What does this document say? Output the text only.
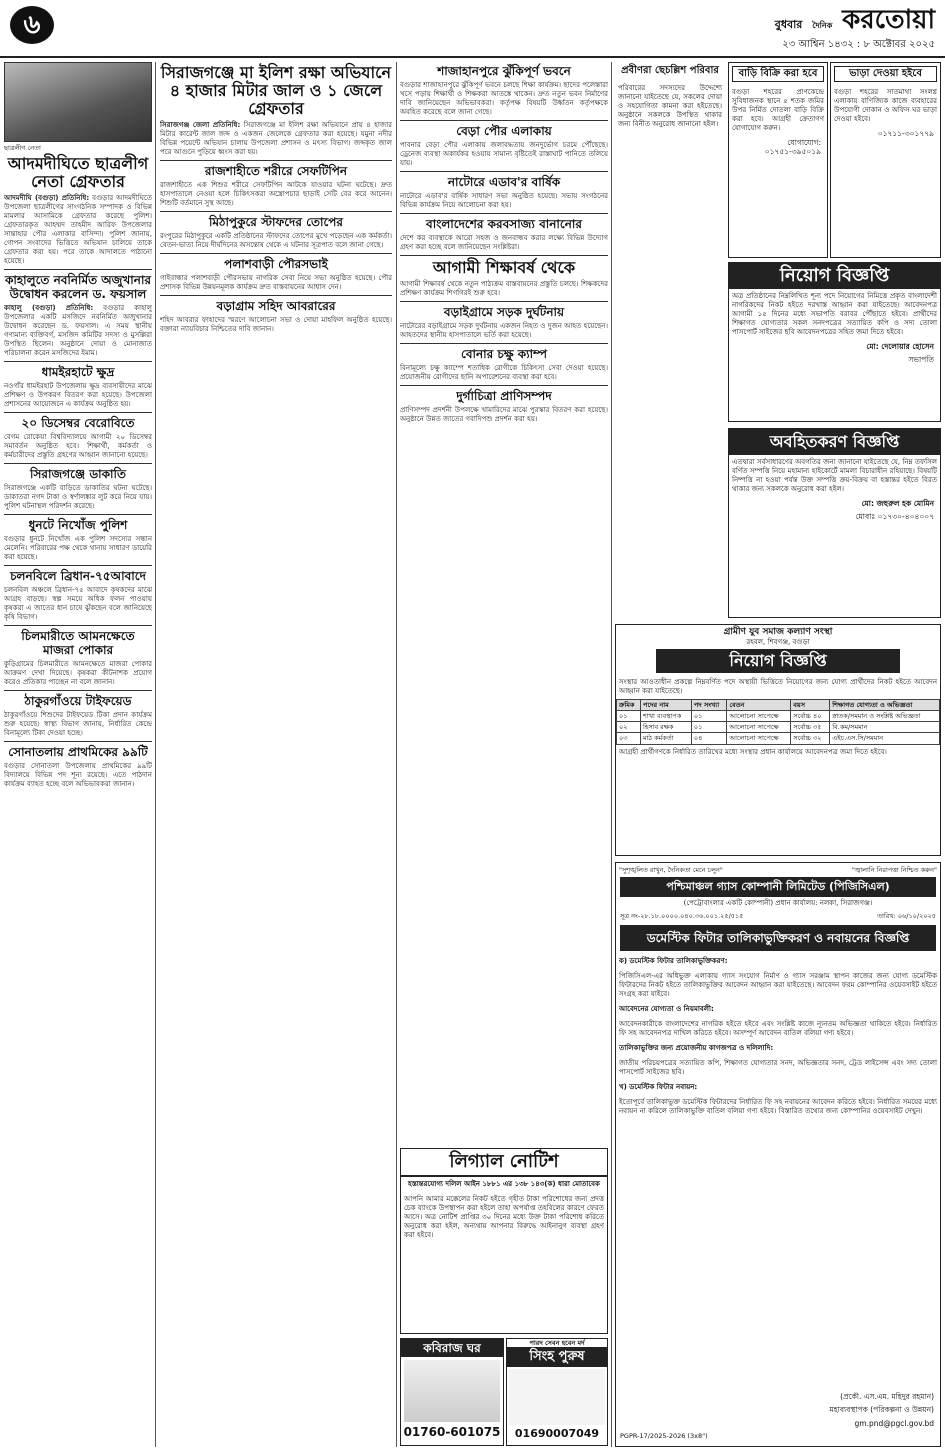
৬	বুধবার দৈনিক করতোয়া
২৩ আশ্বিন ১৪৩২ : ৮ অক্টোবর ২০২৫
ছাত্রলীগ নেতা
আদমদীঘিতে ছাত্রলীগ নেতা গ্রেফতার
আদমদীঘি (বগুড়া) প্রতিনিধি: বগুড়ার আদমদীঘিতে উপজেলা ছাত্রলীগের সাংগঠনিক সম্পাদক ও বিভিন্ন মামলার আসামিকে গ্রেফতার করেছে পুলিশ। গ্রেফতারকৃত আহম্মদ তাহমীদ আরিফ উপজেলার সান্তাহার পৌর এলাকার বাসিন্দা। পুলিশ জানায়, গোপন সংবাদের ভিত্তিতে অভিযান চালিয়ে তাকে গ্রেফতার করা হয়। পরে তাকে আদালতে পাঠানো হয়েছে।
কাহালুতে নবনির্মিত অজুখানার উদ্বোধন করলেন ড. ফয়সাল
কাহালু (বগুড়া) প্রতিনিধি: বগুড়ার কাহালু উপজেলার একটি মসজিদে নবনির্মিত অজুখানার উদ্বোধন করেছেন ড. ফয়সাল। এ সময় স্থানীয় গণ্যমান্য ব্যক্তিবর্গ, মসজিদ কমিটির সদস্য ও মুসল্লিরা উপস্থিত ছিলেন। অনুষ্ঠানে দোয়া ও মোনাজাত পরিচালনা করেন মসজিদের ইমাম।
ধামইরহাটে ক্ষুদ্র
নওগাঁর ধামইরহাট উপজেলায় ক্ষুদ্র ব্যবসায়ীদের মাঝে প্রশিক্ষণ ও উপকরণ বিতরণ করা হয়েছে। উপজেলা প্রশাসনের আয়োজনে এ কার্যক্রম অনুষ্ঠিত হয়।
২০ ডিসেম্বর বেরোবিতে
বেগম রোকেয়া বিশ্ববিদ্যালয়ে আগামী ২০ ডিসেম্বর সমাবর্তন অনুষ্ঠিত হবে। শিক্ষার্থী, কর্মকর্তা ও কর্মচারীদের প্রস্তুতি গ্রহণের আহ্বান জানানো হয়েছে।
সিরাজগঞ্জে ডাকাতি
সিরাজগঞ্জে একটি বাড়িতে ডাকাতির ঘটনা ঘটেছে। ডাকাতরা নগদ টাকা ও স্বর্ণালঙ্কার লুট করে নিয়ে যায়। পুলিশ ঘটনাস্থল পরিদর্শন করেছে।
ধুনটে নিখোঁজ পুলিশ
বগুড়ার ধুনটে নিখোঁজ এক পুলিশ সদস্যের সন্ধান মেলেনি। পরিবারের পক্ষ থেকে থানায় সাধারণ ডায়েরি করা হয়েছে।
চলনবিলে ব্রিধান-৭৫আবাদে
চলনবিল অঞ্চলে ব্রিধান-৭৫ আবাদে কৃষকদের মাঝে আগ্রহ বাড়ছে। স্বল্প সময়ে অধিক ফলন পাওয়ায় কৃষকরা এ জাতের ধান চাষে ঝুঁকছেন বলে জানিয়েছে কৃষি বিভাগ।
চিলমারীতে আমনক্ষেতে মাজরা পোকার
কুড়িগ্রামের চিলমারীতে আমনক্ষেতে মাজরা পোকার আক্রমণ দেখা দিয়েছে। কৃষকরা কীটনাশক প্রয়োগ করেও প্রতিকার পাচ্ছেন না বলে জানান।
ঠাকুরগাঁওয়ে টাইফয়েড
ঠাকুরগাঁওয়ে শিশুদের টাইফয়েড টিকা প্রদান কার্যক্রম শুরু হয়েছে। স্বাস্থ্য বিভাগ জানায়, নির্ধারিত কেন্দ্রে বিনামূল্যে টিকা দেওয়া হচ্ছে।
সোনাতলায় প্রাথমিকের ৯৯টি
বগুড়ার সোনাতলা উপজেলায় প্রাথমিকের ৯৯টি বিদ্যালয়ে বিভিন্ন পদ শূন্য রয়েছে। এতে পাঠদান কার্যক্রম ব্যাহত হচ্ছে বলে অভিভাবকরা জানান।
সিরাজগঞ্জে মা ইলিশ রক্ষা অভিযানে ৪ হাজার মিটার জাল ও ১ জেলে গ্রেফতার
সিরাজগঞ্জ জেলা প্রতিনিধি: সিরাজগঞ্জে মা ইলিশ রক্ষা অভিযানে প্রায় ৪ হাজার মিটার কারেন্ট জাল জব্দ ও একজন জেলেকে গ্রেফতার করা হয়েছে। যমুনা নদীর বিভিন্ন পয়েন্টে অভিযান চালায় উপজেলা প্রশাসন ও মৎস্য বিভাগ। জব্দকৃত জাল পরে আগুনে পুড়িয়ে ধ্বংস করা হয়।
রাজশাহীতে শরীরে সেফটিপিন
রাজশাহীতে এক শিশুর শরীরে সেফটিপিন আটকে যাওয়ার ঘটনা ঘটেছে। দ্রুত হাসপাতালে নেওয়া হলে চিকিৎসকরা অস্ত্রোপচার ছাড়াই সেটি বের করে আনেন। শিশুটি বর্তমানে সুস্থ আছে।
মিঠাপুকুরে স্টাফদের তোপের
রংপুরের মিঠাপুকুরে একটি প্রতিষ্ঠানের স্টাফদের তোপের মুখে পড়েছেন এক কর্মকর্তা। বেতন-ভাতা নিয়ে দীর্ঘদিনের অসন্তোষ থেকে এ ঘটনার সূত্রপাত বলে জানা গেছে।
পলাশবাড়ী পৌরসভাই
গাইবান্ধার পলাশবাড়ী পৌরসভায় নাগরিক সেবা নিয়ে সভা অনুষ্ঠিত হয়েছে। পৌর প্রশাসক বিভিন্ন উন্নয়নমূলক কার্যক্রম দ্রুত বাস্তবায়নের আশ্বাস দেন।
বড়াগ্রাম সহিদ আবরারের
শহিদ আবরার ফাহাদের স্মরণে আলোচনা সভা ও দোয়া মাহফিল অনুষ্ঠিত হয়েছে। বক্তারা ন্যায়বিচার নিশ্চিতের দাবি জানান।
শাজাহানপুরে ঝুঁকিপূর্ণ ভবনে
বগুড়ার শাজাহানপুরে ঝুঁকিপূর্ণ ভবনে চলছে শিক্ষা কার্যক্রম। ছাদের পলেস্তারা খসে পড়ায় শিক্ষার্থী ও শিক্ষকরা আতঙ্কে থাকেন। দ্রুত নতুন ভবন নির্মাণের দাবি জানিয়েছেন অভিভাবকরা। কর্তৃপক্ষ বিষয়টি উর্ধ্বতন কর্তৃপক্ষকে অবহিত করেছে বলে জানা গেছে।
বেড়া পৌর এলাকায়
পাবনার বেড়া পৌর এলাকায় জলাবদ্ধতায় জনদুর্ভোগ চরমে পৌঁছেছে। ড্রেনেজ ব্যবস্থা অকার্যকর হওয়ায় সামান্য বৃষ্টিতেই রাস্তাঘাট পানিতে তলিয়ে যায়।
নাটোরে এডাব'র বার্ষিক
নাটোরে এডাব'র বার্ষিক সাধারণ সভা অনুষ্ঠিত হয়েছে। সভায় সংগঠনের বিভিন্ন কার্যক্রম নিয়ে আলোচনা করা হয়।
বাংলাদেশের করবসাজ্য বানানোর
দেশে কর ব্যবস্থাকে আরো সহজ ও জনবান্ধব করার লক্ষ্যে বিভিন্ন উদ্যোগ গ্রহণ করা হচ্ছে বলে জানিয়েছেন সংশ্লিষ্টরা।
আগামী শিক্ষাবর্ষ থেকে
আগামী শিক্ষাবর্ষ থেকে নতুন পাঠ্যক্রম বাস্তবায়নের প্রস্তুতি চলছে। শিক্ষকদের প্রশিক্ষণ কার্যক্রম শিগগিরই শুরু হবে।
বড়াইগ্রামে সড়ক দুর্ঘটনায়
নাটোরের বড়াইগ্রামে সড়ক দুর্ঘটনায় একজন নিহত ও দুজন আহত হয়েছেন। আহতদের স্থানীয় হাসপাতালে ভর্তি করা হয়েছে।
বোনার চক্ষু ক্যাম্প
বিনামূল্যে চক্ষু ক্যাম্পে শতাধিক রোগীকে চিকিৎসা সেবা দেওয়া হয়েছে। প্রয়োজনীয় রোগীদের ছানি অপারেশনের ব্যবস্থা করা হবে।
দুর্গাচিত্রা প্রাণিসম্পদ
প্রাণিসম্পদ প্রদর্শনী উপলক্ষে খামারিদের মাঝে পুরস্কার বিতরণ করা হয়েছে। অনুষ্ঠানে উন্নত জাতের গবাদিপশু প্রদর্শন করা হয়।
লিগ্যাল নোটিশ
হস্তান্তরযোগ্য দলিল আইন ১৮৮১ এর ১৩৮ ১৪৩(ক) ধারা মোতাবেক
আপনি আমার মক্কেলের নিকট হইতে গৃহীত টাকা পরিশোধের জন্য প্রদত্ত চেক ব্যাংকে উপস্থাপন করা হইলে তাহা অপর্যাপ্ত তহবিলের কারণে ফেরত আসে। অত্র নোটিশ প্রাপ্তির ৩০ দিনের মধ্যে উক্ত টাকা পরিশোধ করিতে অনুরোধ করা হইল, অন্যথায় আপনার বিরুদ্ধে আইনানুগ ব্যবস্থা গ্রহণ করা হইবে।
কবিরাজ ঘর
01760-601075
পারদ সেবন হবেন মর্দ
সিংহ পুরুষ
01690007049
প্রবীণরা ছেচল্লিশ পরিবার
পরিবারের সদস্যদের উদ্দেশ্যে জানানো যাইতেছে যে, সকলের দোয়া ও সহযোগিতা কামনা করা হইতেছে। অনুষ্ঠানে সকলকে উপস্থিত থাকার জন্য বিনীত অনুরোধ জানানো হইল।
বাড়ি বিক্রি করা হবে
বগুড়া শহরের প্রাণকেন্দ্রে সুবিধাজনক স্থানে ৫ শতক জমির উপর নির্মিত দোতলা বাড়ি বিক্রি করা হবে। আগ্রহী ক্রেতাগণ যোগাযোগ করুন।
যোগাযোগ: ০১৭৫১-৩৯৫০১৯
ভাড়া দেওয়া হইবে
বগুড়া শহরের সাতমাথা সংলগ্ন এলাকায় বাণিজ্যিক কাজে ব্যবহারের উপযোগী দোকান ও অফিস ঘর ভাড়া দেওয়া হইবে।
০১৭১১-৩০১৭৭৯
নিয়োগ বিজ্ঞপ্তি
অত্র প্রতিষ্ঠানের নিম্নলিখিত শূন্য পদে নিয়োগের নিমিত্তে প্রকৃত বাংলাদেশী নাগরিকদের নিকট হইতে দরখাস্ত আহ্বান করা যাইতেছে। আবেদনপত্র আগামী ১৫ দিনের মধ্যে সভাপতি বরাবর পৌঁছাতে হইবে। প্রার্থীদের শিক্ষাগত যোগ্যতার সকল সনদপত্রের সত্যায়িত কপি ও সদ্য তোলা পাসপোর্ট সাইজের ছবি আবেদনপত্রের সহিত জমা দিতে হইবে।
মো: দেলোয়ার হোসেন
সভাপতি
অবহিতকরণ বিজ্ঞপ্তি
এতদ্বারা সর্বসাধারণের অবগতির জন্য জানানো যাইতেছে যে, নিম্ন তফসিল বর্ণিত সম্পত্তি নিয়ে মহামান্য হাইকোর্টে মামলা বিচারাধীন রহিয়াছে। বিষয়টি নিষ্পত্তি না হওয়া পর্যন্ত উক্ত সম্পত্তি ক্রয়-বিক্রয় বা হস্তান্তর হইতে বিরত থাকার জন্য সকলকে অনুরোধ করা হইল।
মো: জহুরুল হক মোমিন
মোবাঃ ০১৭৩০-৪০৪০০৭
গ্রামীণ যুব সমাজ কল্যাণ সংস্থা
রহবল, শিবগঞ্জ, বগুড়া
নিয়োগ বিজ্ঞপ্তি
সংস্থার আওতাধীন প্রকল্পে নিম্নবর্ণিত পদে অস্থায়ী ভিত্তিতে নিয়োগের জন্য যোগ্য প্রার্থীদের নিকট হইতে আবেদন আহ্বান করা যাইতেছে।
ক্রমিক	পদের নাম	পদ সংখ্যা	বেতন	বয়স	শিক্ষাগত যোগ্যতা ও অভিজ্ঞতা
০১	শাখা ব্যবস্থাপক	০১	আলোচনা সাপেক্ষে	সর্বোচ্চ ৪০	স্নাতক/সমমান ও সংশ্লিষ্ট অভিজ্ঞতা
০২	হিসাব রক্ষক	০১	আলোচনা সাপেক্ষে	সর্বোচ্চ ৩৫	বি.কম/সমমান
০৩	মাঠ কর্মকর্তা	০৪	আলোচনা সাপেক্ষে	সর্বোচ্চ ৩২	এইচ.এস.সি/সমমান
আগ্রহী প্রার্থীগণকে নির্ধারিত তারিখের মধ্যে সংস্থার প্রধান কার্যালয়ে আবেদনপত্র জমা দিতে হইবে।
"সুশৃঙ্খলিত রাখুন, দৈনিকতা মেনে চলুন"	"জ্বালানি নিরাপত্তা নিশ্চিত করুন"
পশ্চিমাঞ্চল গ্যাস কোম্পানী লিমিটেড (পিজিসিএল)
(পেট্রোবাংলার একটি কোম্পানী) প্রধান কার্যালয়: নলকা, সিরাজগঞ্জ।
সূত্র নং-২৮.১৮.০০০০.০৪০.৩৬.০০১.২৫/৫১৫	তারিখ: ০৬/১০/২০২৫
ডমেস্টিক ফিটার তালিকাভুক্তিকরণ ও নবায়নের বিজ্ঞপ্তি
ক) ডমেস্টিক ফিটার তালিকাভুক্তিকরণ:
পিজিসিএল-এর অধিভুক্ত এলাকায় গ্যাস সংযোগ নির্মাণ ও গ্যাস সরঞ্জাম স্থাপন কাজের জন্য যোগ্য ডমেস্টিক ফিটারদের নিকট হইতে তালিকাভুক্তির আবেদন আহ্বান করা যাইতেছে। আবেদন ফরম কোম্পানির ওয়েবসাইট হইতে সংগ্রহ করা যাইবে।
আবেদনের যোগ্যতা ও নিয়মাবলী:
আবেদনকারীকে বাংলাদেশের নাগরিক হইতে হইবে এবং সংশ্লিষ্ট কাজে ন্যূনতম অভিজ্ঞতা থাকিতে হইবে। নির্ধারিত ফি সহ আবেদনপত্র দাখিল করিতে হইবে। অসম্পূর্ণ আবেদন বাতিল বলিয়া গণ্য হইবে।
তালিকাভুক্তির জন্য প্রয়োজনীয় কাগজপত্র ও দলিলাদি:
জাতীয় পরিচয়পত্রের সত্যায়িত কপি, শিক্ষাগত যোগ্যতার সনদ, অভিজ্ঞতার সনদ, ট্রেড লাইসেন্স এবং সদ্য তোলা পাসপোর্ট সাইজের ছবি।
খ) ডমেস্টিক ফিটার নবায়ন:
ইতোপূর্বে তালিকাভুক্ত ডমেস্টিক ফিটারদের নির্ধারিত ফি সহ নবায়নের আবেদন করিতে হইবে। নির্ধারিত সময়ের মধ্যে নবায়ন না করিলে তালিকাভুক্তি বাতিল বলিয়া গণ্য হইবে। বিস্তারিত তথ্যের জন্য কোম্পানির ওয়েবসাইট দেখুন।
(প্রকৌ. এস.এম. মহিদুর রহমান)
মহাব্যবস্থাপক (পরিকল্পনা ও উন্নয়ন)
gm.pnd@pgcl.gov.bd
PGPR-17/2025-2026 (3x8")
